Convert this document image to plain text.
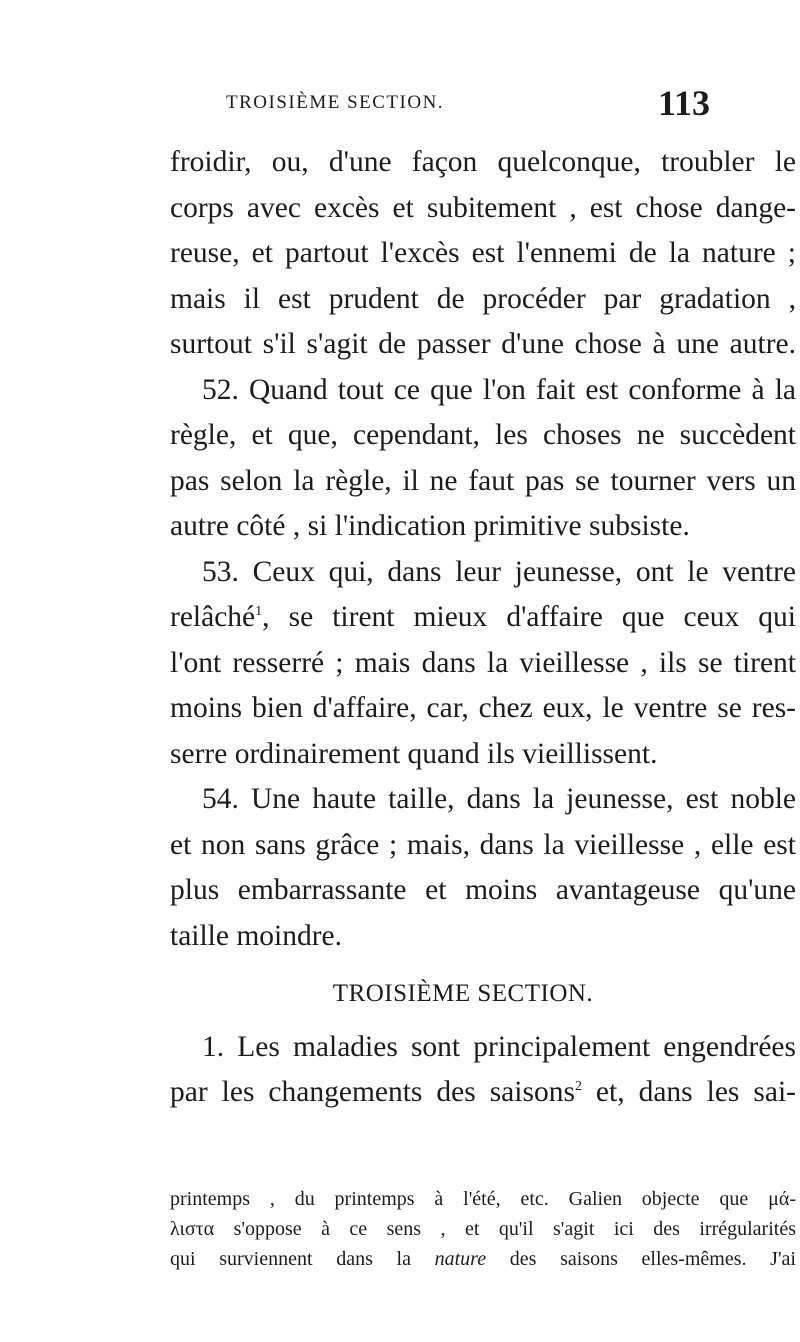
TROISIÈME SECTION.	113
froidir, ou, d'une façon quelconque, troubler le
corps avec excès et subitement , est chose dange-
reuse, et partout l'excès est l'ennemi de la nature ;
mais il est prudent de procéder par gradation ,
surtout s'il s'agit de passer d'une chose à une autre.
52. Quand tout ce que l'on fait est conforme à la
règle, et que, cependant, les choses ne succèdent
pas selon la règle, il ne faut pas se tourner vers un
autre côté , si l'indication primitive subsiste.
53. Ceux qui, dans leur jeunesse, ont le ventre
relâché$^1$, se tirent mieux d'affaire que ceux qui
l'ont resserré ; mais dans la vieillesse , ils se tirent
moins bien d'affaire, car, chez eux, le ventre se res-
serre ordinairement quand ils vieillissent.
54. Une haute taille, dans la jeunesse, est noble
et non sans grâce ; mais, dans la vieillesse , elle est
plus embarrassante et moins avantageuse qu'une
taille moindre.
TROISIÈME SECTION.
1. Les maladies sont principalement engendrées
par les changements des saisons$^2$ et, dans les sai-
printemps , du printemps à l'été, etc. Galien objecte que μά-
λιστα s'oppose à ce sens , et qu'il s'agit ici des irrégularités
qui surviennent dans la nature des saisons elles-mêmes. J'ai
